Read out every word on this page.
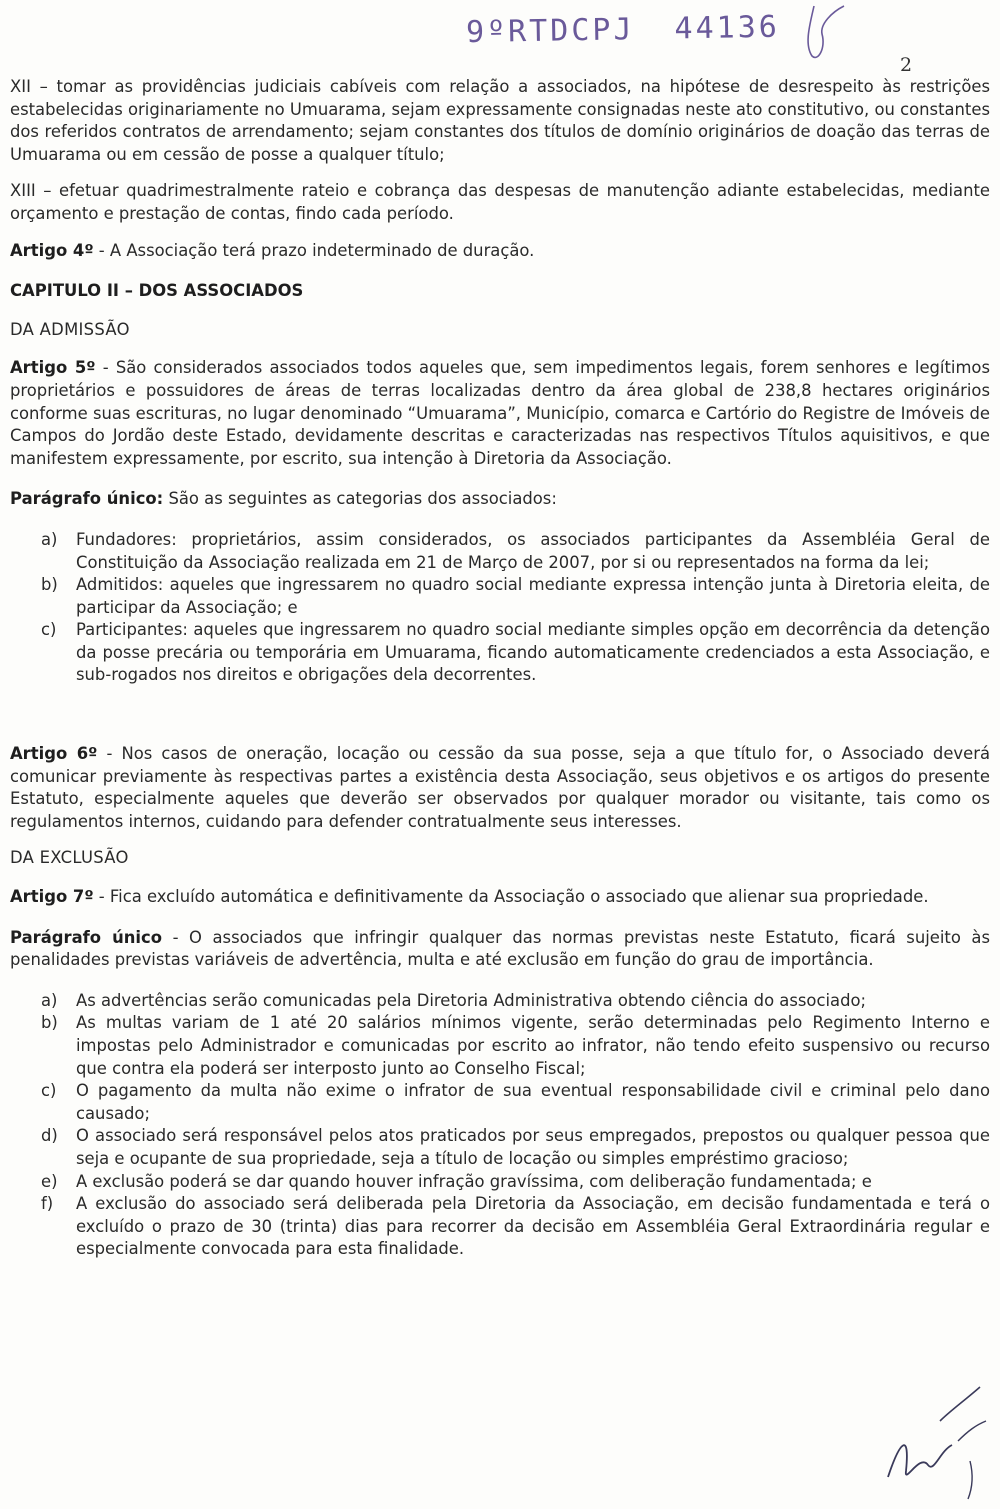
9ºRTDCPJ 44136
2

XII – tomar as providências judiciais cabíveis com relação a associados, na hipótese de desrespeito às restrições estabelecidas originariamente no Umuarama, sejam expressamente consignadas neste ato constitutivo, ou constantes dos referidos contratos de arrendamento; sejam constantes dos títulos de domínio originários de doação das terras de Umuarama ou em cessão de posse a qualquer título;

XIII – efetuar quadrimestralmente rateio e cobrança das despesas de manutenção adiante estabelecidas, mediante orçamento e prestação de contas, findo cada período.

Artigo 4º - A Associação terá prazo indeterminado de duração.

CAPITULO II – DOS ASSOCIADOS
DA ADMISSÃO

Artigo 5º - São considerados associados todos aqueles que, sem impedimentos legais, forem senhores e legítimos proprietários e possuidores de áreas de terras localizadas dentro da área global de 238,8 hectares originários conforme suas escrituras, no lugar denominado “Umuarama”, Município, comarca e Cartório do Registre de Imóveis de Campos do Jordão deste Estado, devidamente descritas e caracterizadas nas respectivos Títulos aquisitivos, e que manifestem expressamente, por escrito, sua intenção à Diretoria da Associação.

Parágrafo único: São as seguintes as categorias dos associados:

a) Fundadores: proprietários, assim considerados, os associados participantes da Assembléia Geral de Constituição da Associação realizada em 21 de Março de 2007, por si ou representados na forma da lei;
b) Admitidos: aqueles que ingressarem no quadro social mediante expressa intenção junta à Diretoria eleita, de participar da Associação; e
c) Participantes: aqueles que ingressarem no quadro social mediante simples opção em decorrência da detenção da posse precária ou temporária em Umuarama, ficando automaticamente credenciados a esta Associação, e sub-rogados nos direitos e obrigações dela decorrentes.

Artigo 6º - Nos casos de oneração, locação ou cessão da sua posse, seja a que título for, o Associado deverá comunicar previamente às respectivas partes a existência desta Associação, seus objetivos e os artigos do presente Estatuto, especialmente aqueles que deverão ser observados por qualquer morador ou visitante, tais como os regulamentos internos, cuidando para defender contratualmente seus interesses.

DA EXCLUSÃO

Artigo 7º - Fica excluído automática e definitivamente da Associação o associado que alienar sua propriedade.

Parágrafo único - O associados que infringir qualquer das normas previstas neste Estatuto, ficará sujeito às penalidades previstas variáveis de advertência, multa e até exclusão em função do grau de importância.

a) As advertências serão comunicadas pela Diretoria Administrativa obtendo ciência do associado;
b) As multas variam de 1 até 20 salários mínimos vigente, serão determinadas pelo Regimento Interno e impostas pelo Administrador e comunicadas por escrito ao infrator, não tendo efeito suspensivo ou recurso que contra ela poderá ser interposto junto ao Conselho Fiscal;
c) O pagamento da multa não exime o infrator de sua eventual responsabilidade civil e criminal pelo dano causado;
d) O associado será responsável pelos atos praticados por seus empregados, prepostos ou qualquer pessoa que seja e ocupante de sua propriedade, seja a título de locação ou simples empréstimo gracioso;
e) A exclusão poderá se dar quando houver infração gravíssima, com deliberação fundamentada; e
f) A exclusão do associado será deliberada pela Diretoria da Associação, em decisão fundamentada e terá o excluído o prazo de 30 (trinta) dias para recorrer da decisão em Assembléia Geral Extraordinária regular e especialmente convocada para esta finalidade.
